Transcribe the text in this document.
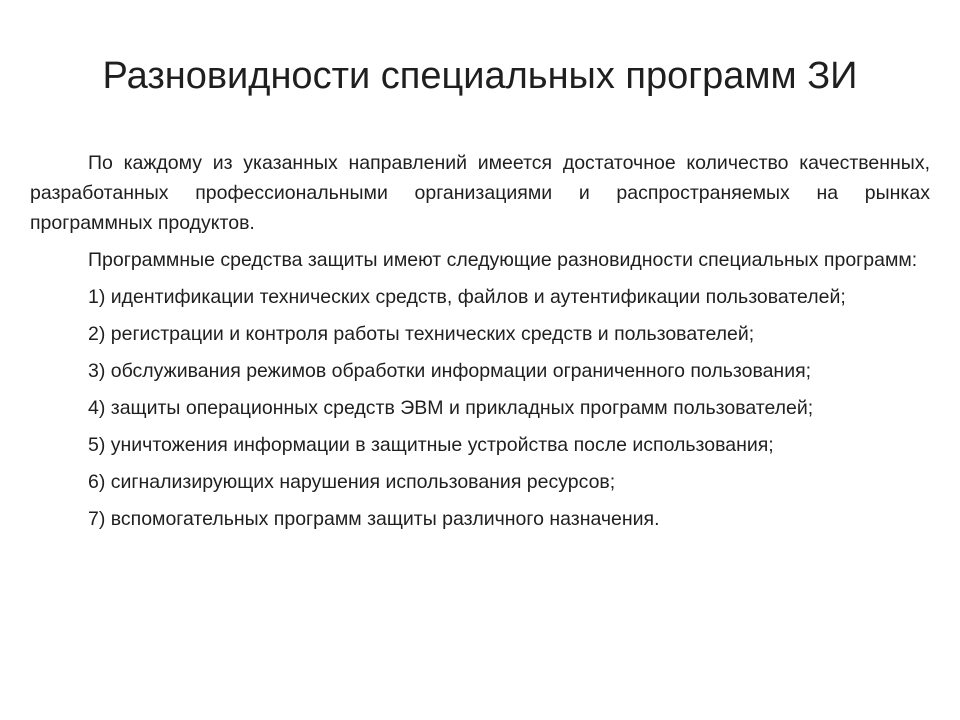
Разновидности специальных программ ЗИ

По каждому из указанных направлений имеется достаточное количество качественных, разработанных профессиональными организациями и распространяемых на рынках программных продуктов.

Программные средства защиты имеют следующие разновидности специальных программ:

1) идентификации технических средств, файлов и аутентификации пользователей;

2) регистрации и контроля работы технических средств и пользователей;

3) обслуживания режимов обработки информации ограниченного пользования;

4) защиты операционных средств ЭВМ и прикладных программ пользователей;

5) уничтожения информации в защитные устройства после использования;

6) сигнализирующих нарушения использования ресурсов;

7) вспомогательных программ защиты различного назначения.
